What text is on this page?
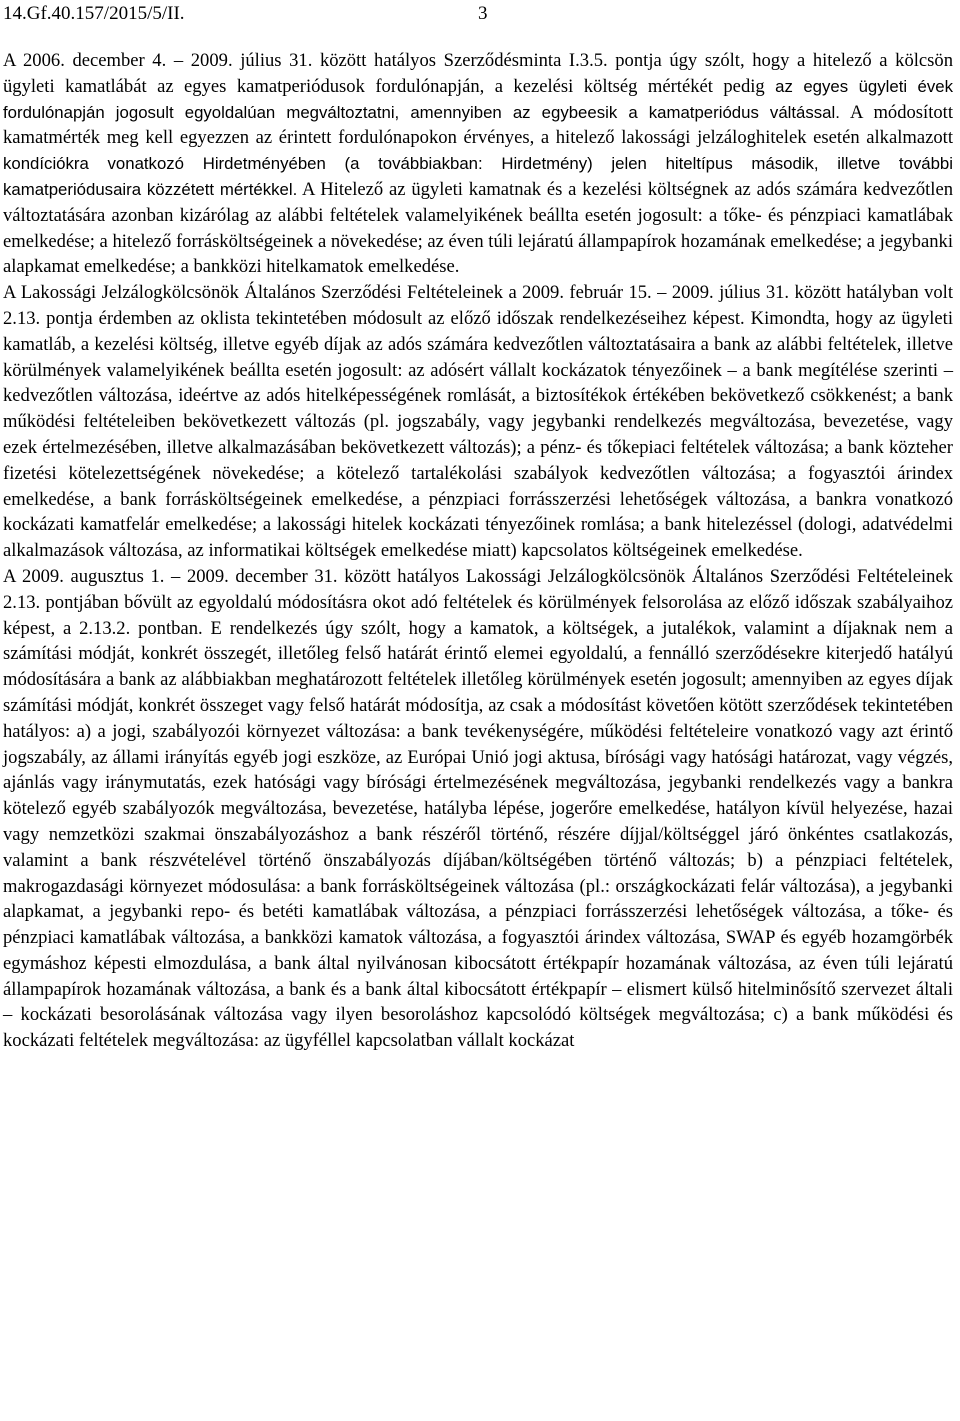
14.Gf.40.157/2015/5/II.	3

A 2006. december 4. – 2009. július 31. között hatályos Szerződésminta I.3.5. pontja úgy szólt, hogy a hitelező a kölcsön ügyleti kamatlábát az egyes kamatperiódusok fordulónapján, a kezelési költség mértékét pedig az egyes ügyleti évek fordulónapján jogosult egyoldalúan megváltoztatni, amennyiben az egybeesik a kamatperiódus váltással. A módosított kamatmérték meg kell egyezzen az érintett fordulónapokon érvényes, a hitelező lakossági jelzáloghitelek esetén alkalmazott kondíciókra vonatkozó Hirdetményében (a továbbiakban: Hirdetmény) jelen hiteltípus második, illetve további kamatperiódusaira közzétett mértékkel. A Hitelező az ügyleti kamatnak és a kezelési költségnek az adós számára kedvezőtlen változtatására azonban kizárólag az alábbi feltételek valamelyikének beállta esetén jogosult: a tőke- és pénzpiaci kamatlábak emelkedése; a hitelező forrásköltségeinek a növekedése; az éven túli lejáratú állampapírok hozamának emelkedése; a jegybanki alapkamat emelkedése; a bankközi hitelkamatok emelkedése.

A Lakossági Jelzálogkölcsönök Általános Szerződési Feltételeinek a 2009. február 15. – 2009. július 31. között hatályban volt 2.13. pontja érdemben az oklista tekintetében módosult az előző időszak rendelkezéseihez képest. Kimondta, hogy az ügyleti kamatláb, a kezelési költség, illetve egyéb díjak az adós számára kedvezőtlen változtatásaira a bank az alábbi feltételek, illetve körülmények valamelyikének beállta esetén jogosult: az adósért vállalt kockázatok tényezőinek – a bank megítélése szerinti – kedvezőtlen változása, ideértve az adós hitelképességének romlását, a biztosítékok értékében bekövetkező csökkenést; a bank működési feltételeiben bekövetkezett változás (pl. jogszabály, vagy jegybanki rendelkezés megváltozása, bevezetése, vagy ezek értelmezésében, illetve alkalmazásában bekövetkezett változás); a pénz- és tőkepiaci feltételek változása; a bank közteher fizetési kötelezettségének növekedése; a kötelező tartalékolási szabályok kedvezőtlen változása; a fogyasztói árindex emelkedése, a bank forrásköltségeinek emelkedése, a pénzpiaci forrásszerzési lehetőségek változása, a bankra vonatkozó kockázati kamatfelár emelkedése; a lakossági hitelek kockázati tényezőinek romlása; a bank hitelezéssel (dologi, adatvédelmi alkalmazások változása, az informatikai költségek emelkedése miatt) kapcsolatos költségeinek emelkedése.

A 2009. augusztus 1. – 2009. december 31. között hatályos Lakossági Jelzálogkölcsönök Általános Szerződési Feltételeinek 2.13. pontjában bővült az egyoldalú módosításra okot adó feltételek és körülmények felsorolása az előző időszak szabályaihoz képest, a 2.13.2. pontban. E rendelkezés úgy szólt, hogy a kamatok, a költségek, a jutalékok, valamint a díjaknak nem a számítási módját, konkrét összegét, illetőleg felső határát érintő elemei egyoldalú, a fennálló szerződésekre kiterjedő hatályú módosítására a bank az alábbiakban meghatározott feltételek illetőleg körülmények esetén jogosult; amennyiben az egyes díjak számítási módját, konkrét összeget vagy felső határát módosítja, az csak a módosítást követően kötött szerződések tekintetében hatályos: a) a jogi, szabályozói környezet változása: a bank tevékenységére, működési feltételeire vonatkozó vagy azt érintő jogszabály, az állami irányítás egyéb jogi eszköze, az Európai Unió jogi aktusa, bírósági vagy hatósági határozat, vagy végzés, ajánlás vagy iránymutatás, ezek hatósági vagy bírósági értelmezésének megváltozása, jegybanki rendelkezés vagy a bankra kötelező egyéb szabályozók megváltozása, bevezetése, hatályba lépése, jogerőre emelkedése, hatályon kívül helyezése, hazai vagy nemzetközi szakmai önszabályozáshoz a bank részéről történő, részére díjjal/költséggel járó önkéntes csatlakozás, valamint a bank részvételével történő önszabályozás díjában/költségében történő változás; b) a pénzpiaci feltételek, makrogazdasági környezet módosulása: a bank forrásköltségeinek változása (pl.: országkockázati felár változása), a jegybanki alapkamat, a jegybanki repo- és betéti kamatlábak változása, a pénzpiaci forrásszerzési lehetőségek változása, a tőke- és pénzpiaci kamatlábak változása, a bankközi kamatok változása, a fogyasztói árindex változása, SWAP és egyéb hozamgörbék egymáshoz képesti elmozdulása, a bank által nyilvánosan kibocsátott értékpapír hozamának változása, az éven túli lejáratú állampapírok hozamának változása, a bank és a bank által kibocsátott értékpapír – elismert külső hitelminősítő szervezet általi – kockázati besorolásának változása vagy ilyen besoroláshoz kapcsolódó költségek megváltozása; c) a bank működési és kockázati feltételek megváltozása: az ügyféllel kapcsolatban vállalt kockázat
